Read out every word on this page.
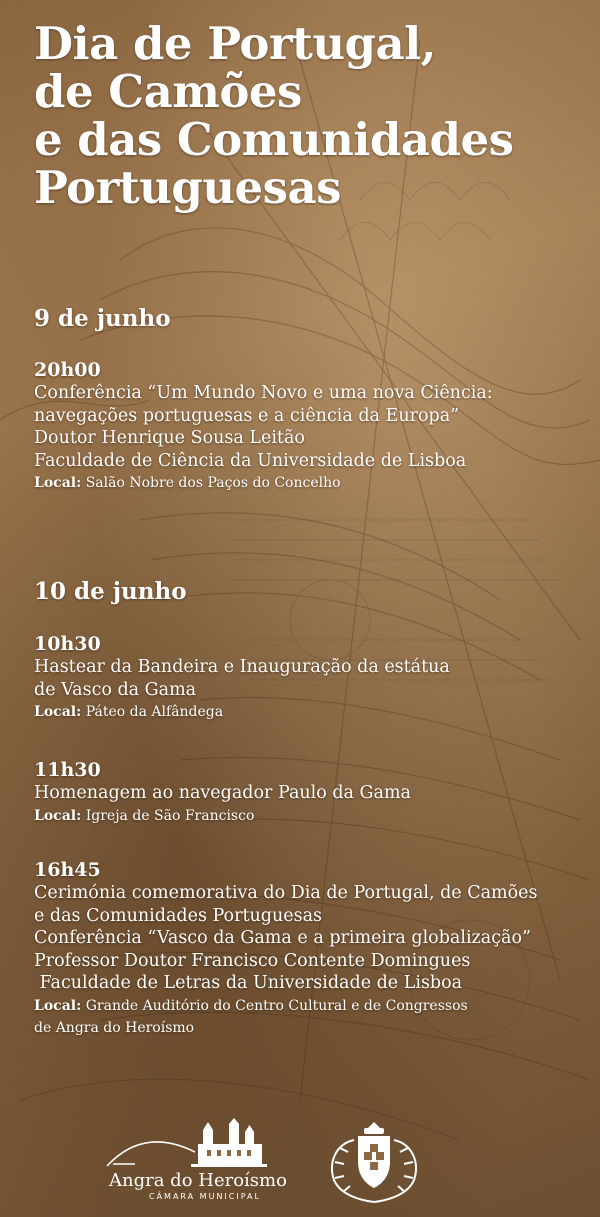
Dia de Portugal,
de Camões
e das Comunidades
Portuguesas
9 de junho
20h00
Conferência “Um Mundo Novo e uma nova Ciência:
navegações portuguesas e a ciência da Europa”
Doutor Henrique Sousa Leitão
Faculdade de Ciência da Universidade de Lisboa
Local: Salão Nobre dos Paços do Concelho
10 de junho
10h30
Hastear da Bandeira e Inauguração da estátua
de Vasco da Gama
Local: Páteo da Alfândega
11h30
Homenagem ao navegador Paulo da Gama
Local: Igreja de São Francisco
16h45
Cerimónia comemorativa do Dia de Portugal, de Camões
e das Comunidades Portuguesas
Conferência “Vasco da Gama e a primeira globalização”
Professor Doutor Francisco Contente Domingues
Faculdade de Letras da Universidade de Lisboa
Local: Grande Auditório do Centro Cultural e de Congressos
de Angra do Heroísmo
Angra do Heroísmo
CÂMARA MUNICIPAL
